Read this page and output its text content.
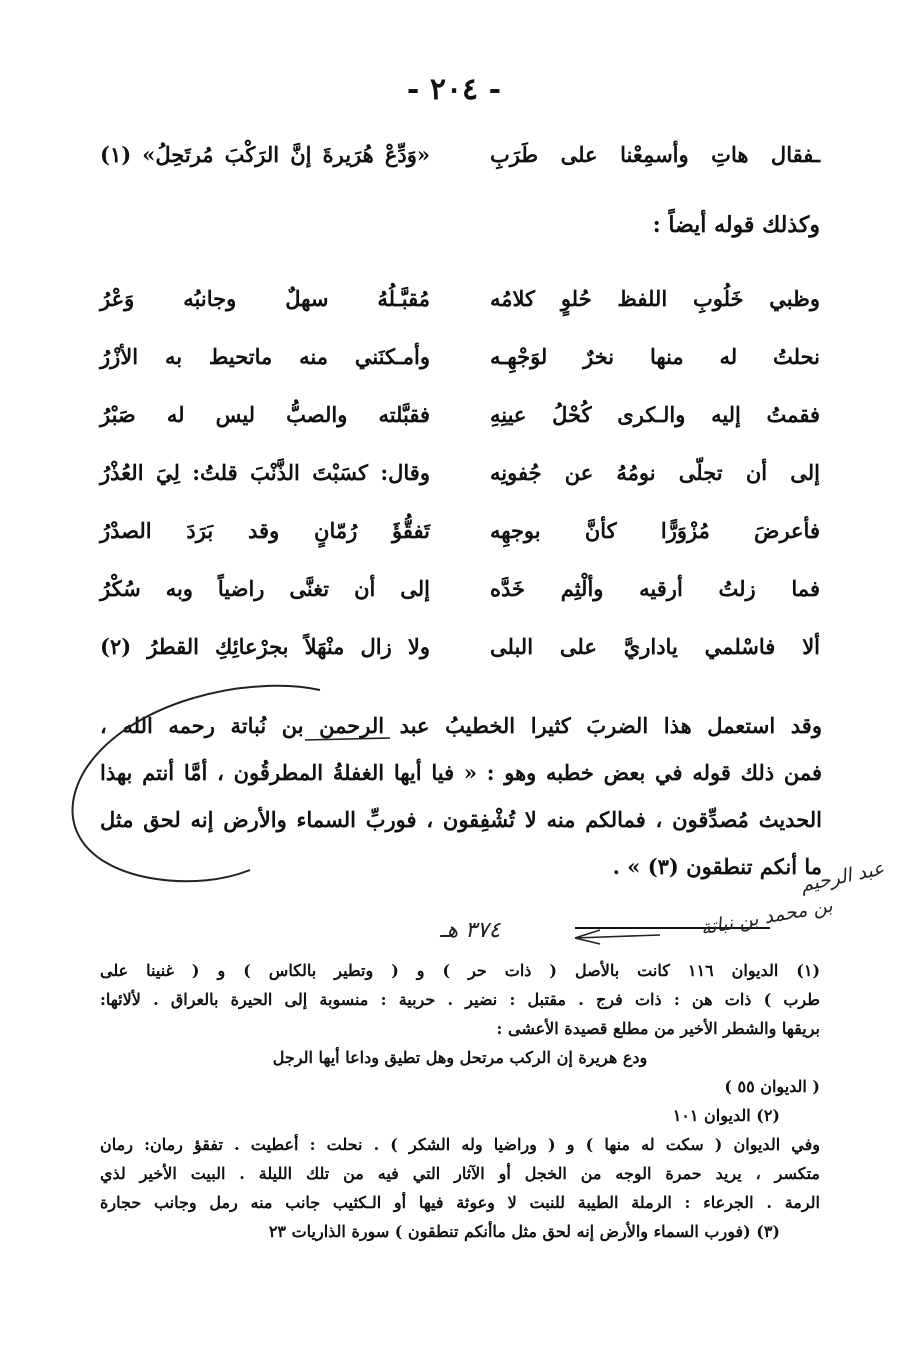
- ٢٠٤ -
ـفقال هاتِ وأسمِعْنا على طَرَبِ
«وَدِّعْ هُرَيرةَ إنَّ الرَكْبَ مُرتَحِلُ» (١)
وكذلك قوله أيضاً :
وظبي خَلُوبِ اللفظ حُلوٍ كلامُه
مُقبَّـلُهُ سهلٌ وجانبُه وَعْرُ
نحلتُ له منها نخرٌ لوَجْهِـه
وأمـكنَني منه ماتحيط به الأزْرُ
فقمتُ إليه والـكرى كُحْلُ عينِهِ
فقبَّلته والصبُّ ليس له صَبْرُ
إلى أن تجلّى نومُهُ عن جُفونِه
وقال: كسَبْتَ الذَّنْبَ قلتُ: لِيَ العُذْرُ
فأعرضَ مُزْوَرًّا كأنَّ بوجهِه
تَفقُّؤَ رُمّانٍ وقد بَرَدَ الصدْرُ
فما زلتُ أرقيه وألْثِم خَدَّه
إلى أن تغنَّى راضياً وبه سُكْرُ
ألا فاسْلمي ياداريَّ على البلى
ولا زال منْهَلاً بجرْعائِكِ القطرُ (٢)
وقد استعمل هذا الضربَ كثيرا الخطيبُ عبد الرحمن بن نُباتة رحمه الله ،
فمن ذلك قوله في بعض خطبه وهو : « فيا أيها الغفلةُ المطرقُون ، أمَّا أنتم بهذا
الحديث مُصدِّقون ، فمالكم منه لا تُشْفِقون ، فوربِّ السماء والأرض إنه لحق مثل
ما أنكم تنطقون (٣) » .
عبد الرحيم
بن محمد بن نباتة
٣٧٤ هـ
(١) الديوان ١١٦ كانت بالأصل ( ذات حر ) و ( وتطير بالكاس ) و ( غنينا على
طرب ) ذات هن : ذات فرج . مقتبل : نضير . حربية : منسوبة إلى الحيرة بالعراق . لألائها:
بريقها والشطر الأخير من مطلع قصيدة الأعشى :
ودع هريرة إن الركب مرتحل وهل تطيق وداعا أيها الرجل
( الديوان ٥٥ )
(٢) الديوان ١٠١
وفي الديوان ( سكت له منها ) و ( وراضيا وله الشكر ) . نحلت : أعطيت . تفقؤ رمان: رمان
متكسر ، يريد حمرة الوجه من الخجل أو الآثار التي فيه من تلك الليلة . البيت الأخير لذي
الرمة . الجرعاء : الرملة الطيبة للنبت لا وعوثة فيها أو الـكثيب جانب منه رمل وجانب حجارة
(٣) (فورب السماء والأرض إنه لحق مثل ماأنكم تنطقون ) سورة الذاريات ٢٣
